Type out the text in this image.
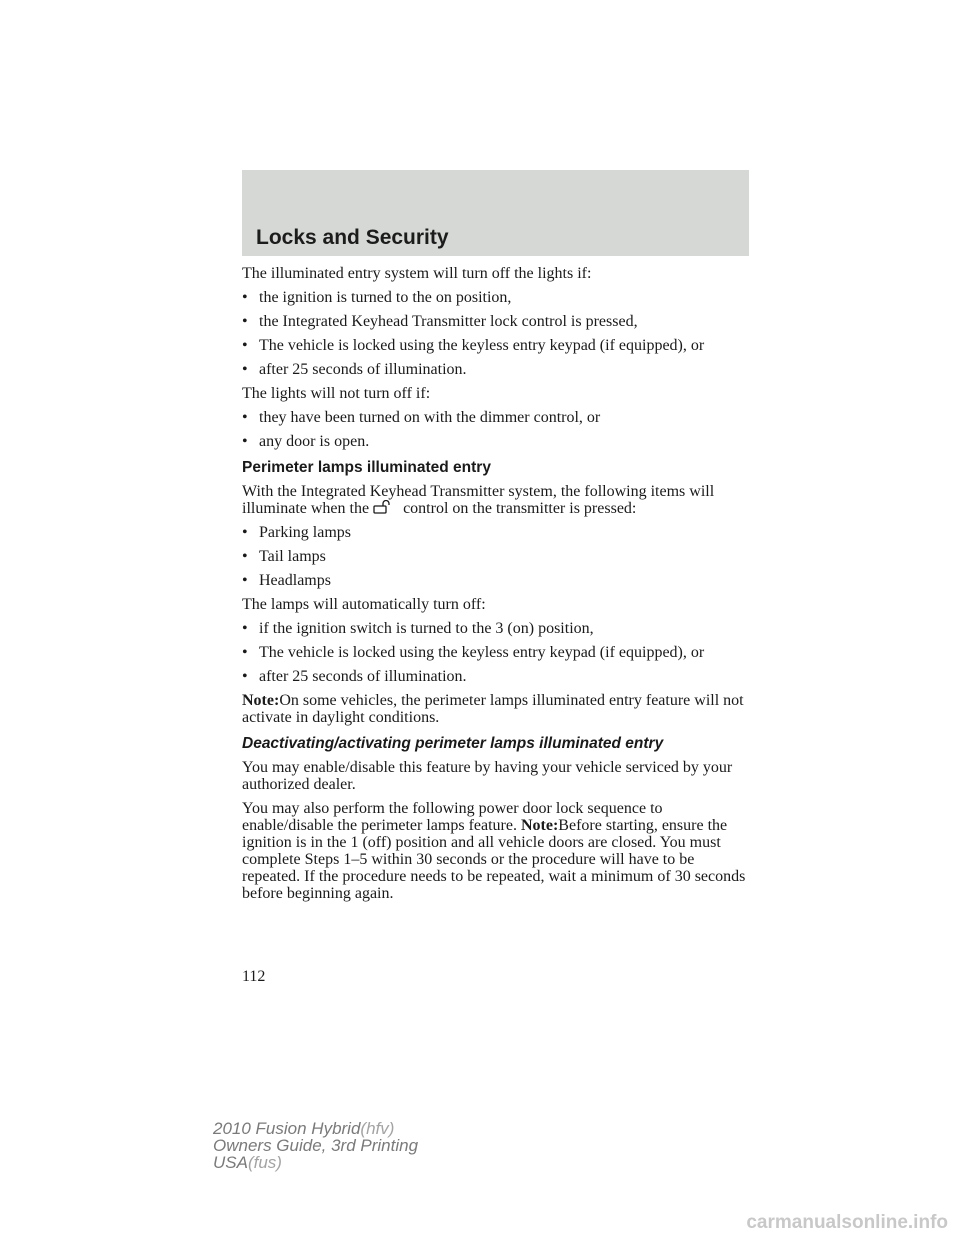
Locks and Security

The illuminated entry system will turn off the lights if:

• the ignition is turned to the on position,
• the Integrated Keyhead Transmitter lock control is pressed,
• The vehicle is locked using the keyless entry keypad (if equipped), or
• after 25 seconds of illumination.

The lights will not turn off if:

• they have been turned on with the dimmer control, or
• any door is open.
Perimeter lamps illuminated entry

With the Integrated Keyhead Transmitter system, the following items will illuminate when the control on the transmitter is pressed:

• Parking lamps
• Tail lamps
• Headlamps

The lamps will automatically turn off:

• if the ignition switch is turned to the 3 (on) position,
• The vehicle is locked using the keyless entry keypad (if equipped), or
• after 25 seconds of illumination.

Note:On some vehicles, the perimeter lamps illuminated entry feature will not activate in daylight conditions.

Deactivating/activating perimeter lamps illuminated entry

You may enable/disable this feature by having your vehicle serviced by your authorized dealer.

You may also perform the following power door lock sequence to enable/disable the perimeter lamps feature. Note:Before starting, ensure the ignition is in the 1 (off) position and all vehicle doors are closed. You must complete Steps 1–5 within 30 seconds or the procedure will have to be repeated. If the procedure needs to be repeated, wait a minimum of 30 seconds before beginning again.

112
2010 Fusion Hybrid(hfv)
Owners Guide, 3rd Printing
USA(fus)
carmanualsonline.info
